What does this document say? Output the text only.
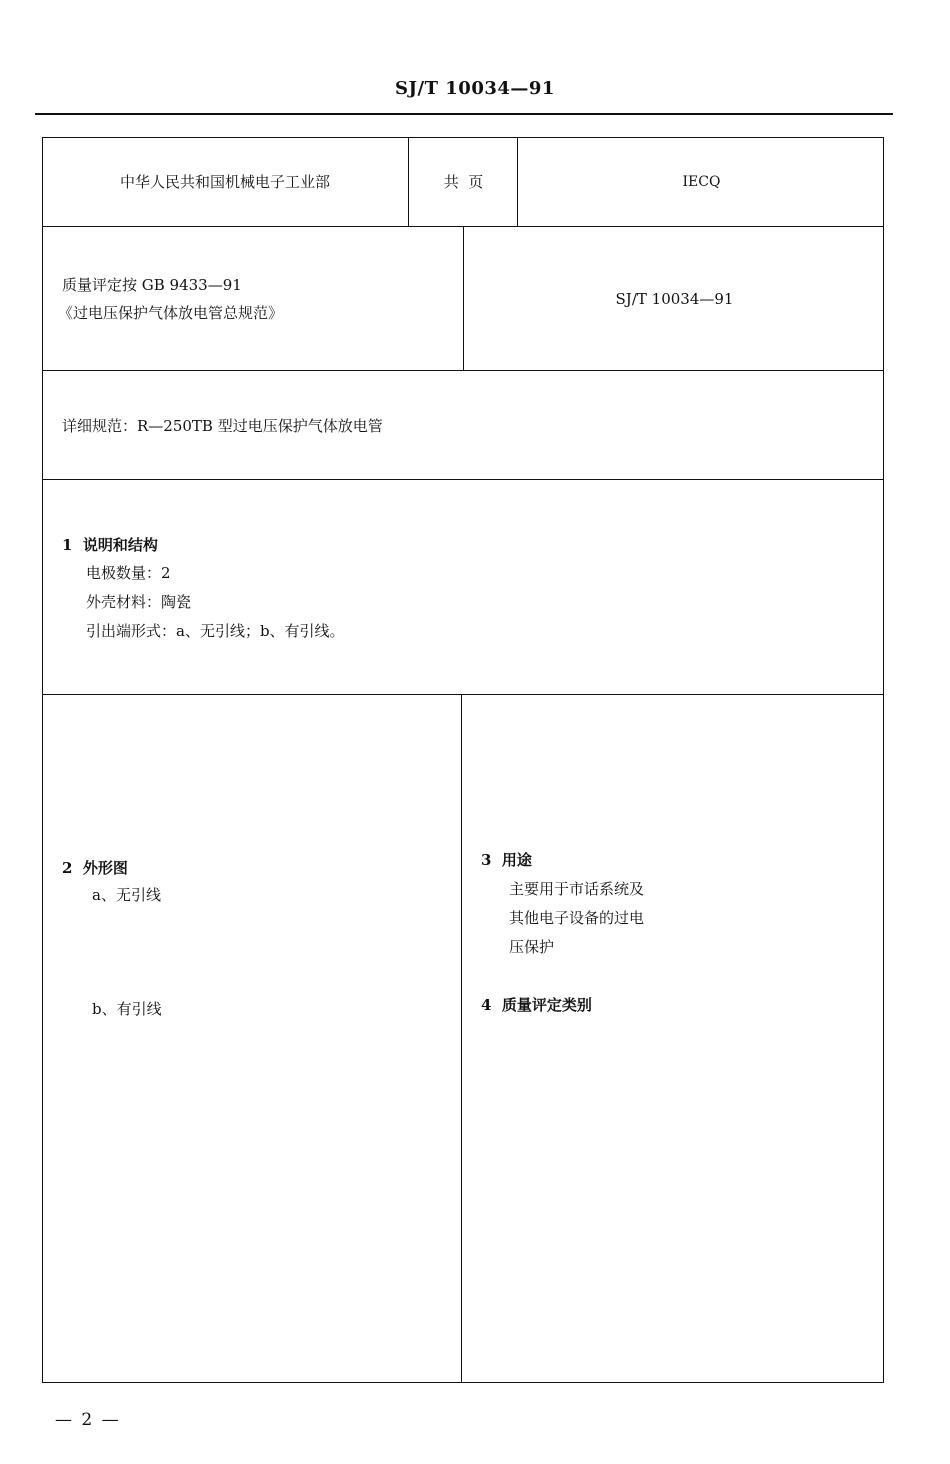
SJ/T 10034—91
中华人民共和国机械电子工业部	共  页	IECQ
质量评定按 GB 9433—91
《过电压保护气体放电管总规范》
SJ/T 10034—91
详细规范：R—250TB 型过电压保护气体放电管
1  说明和结构
电极数量：2
外壳材料：陶瓷
引出端形式：a、无引线；b、有引线。
2  外形图
a、无引线
b、有引线
3  用途
主要用于市话系统及
其他电子设备的过电
压保护
4  质量评定类别
— 2 —
